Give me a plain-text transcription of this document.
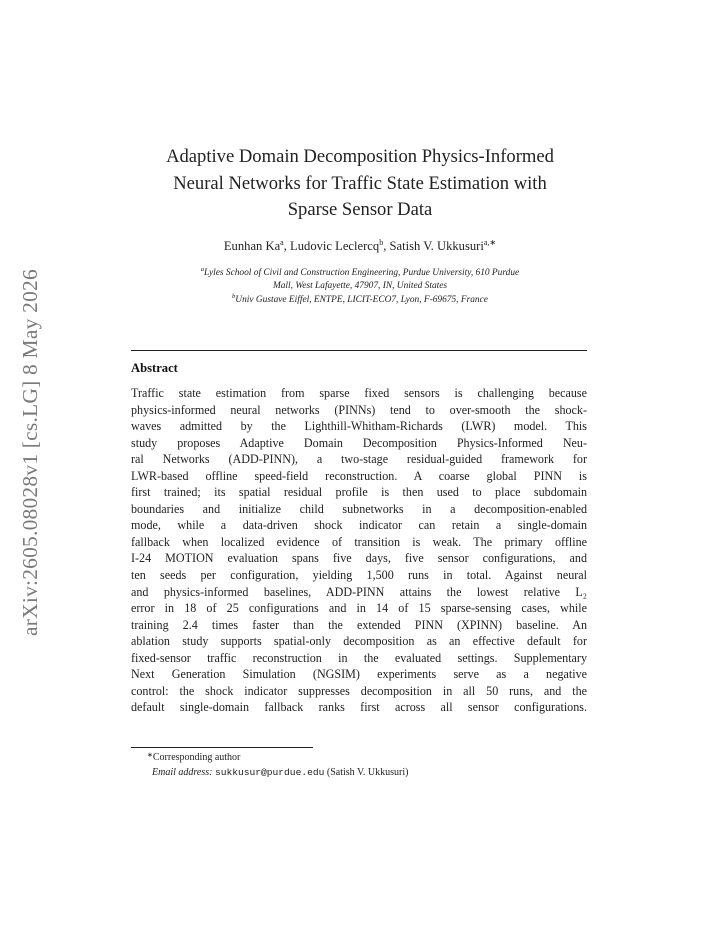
arXiv:2605.08028v1 [cs.LG] 8 May 2026
Adaptive Domain Decomposition Physics-Informed
Neural Networks for Traffic State Estimation with
Sparse Sensor Data
Eunhan Ka$^a$, Ludovic Leclercq$^b$, Satish V. Ukkusuri$^{a,∗}$
$^a$Lyles School of Civil and Construction Engineering, Purdue University, 610 Purdue
Mall, West Lafayette, 47907, IN, United States
$^b$Univ Gustave Eiffel, ENTPE, LICIT-ECO7, Lyon, F-69675, France
Abstract
Traffic state estimation from sparse fixed sensors is challenging because
physics-informed neural networks (PINNs) tend to over-smooth the shock-
waves admitted by the Lighthill-Whitham-Richards (LWR) model. This
study proposes Adaptive Domain Decomposition Physics-Informed Neu-
ral Networks (ADD-PINN), a two-stage residual-guided framework for
LWR-based offline speed-field reconstruction. A coarse global PINN is
first trained; its spatial residual profile is then used to place subdomain
boundaries and initialize child subnetworks in a decomposition-enabled
mode, while a data-driven shock indicator can retain a single-domain
fallback when localized evidence of transition is weak. The primary offline
I-24 MOTION evaluation spans five days, five sensor configurations, and
ten seeds per configuration, yielding 1,500 runs in total. Against neural
and physics-informed baselines, ADD-PINN attains the lowest relative L₂
error in 18 of 25 configurations and in 14 of 15 sparse-sensing cases, while
training 2.4 times faster than the extended PINN (XPINN) baseline. An
ablation study supports spatial-only decomposition as an effective default for
fixed-sensor traffic reconstruction in the evaluated settings. Supplementary
Next Generation Simulation (NGSIM) experiments serve as a negative
control: the shock indicator suppresses decomposition in all 50 runs, and the
default single-domain fallback ranks first across all sensor configurations.
∗Corresponding author
Email address: sukkusur@purdue.edu (Satish V. Ukkusuri)
